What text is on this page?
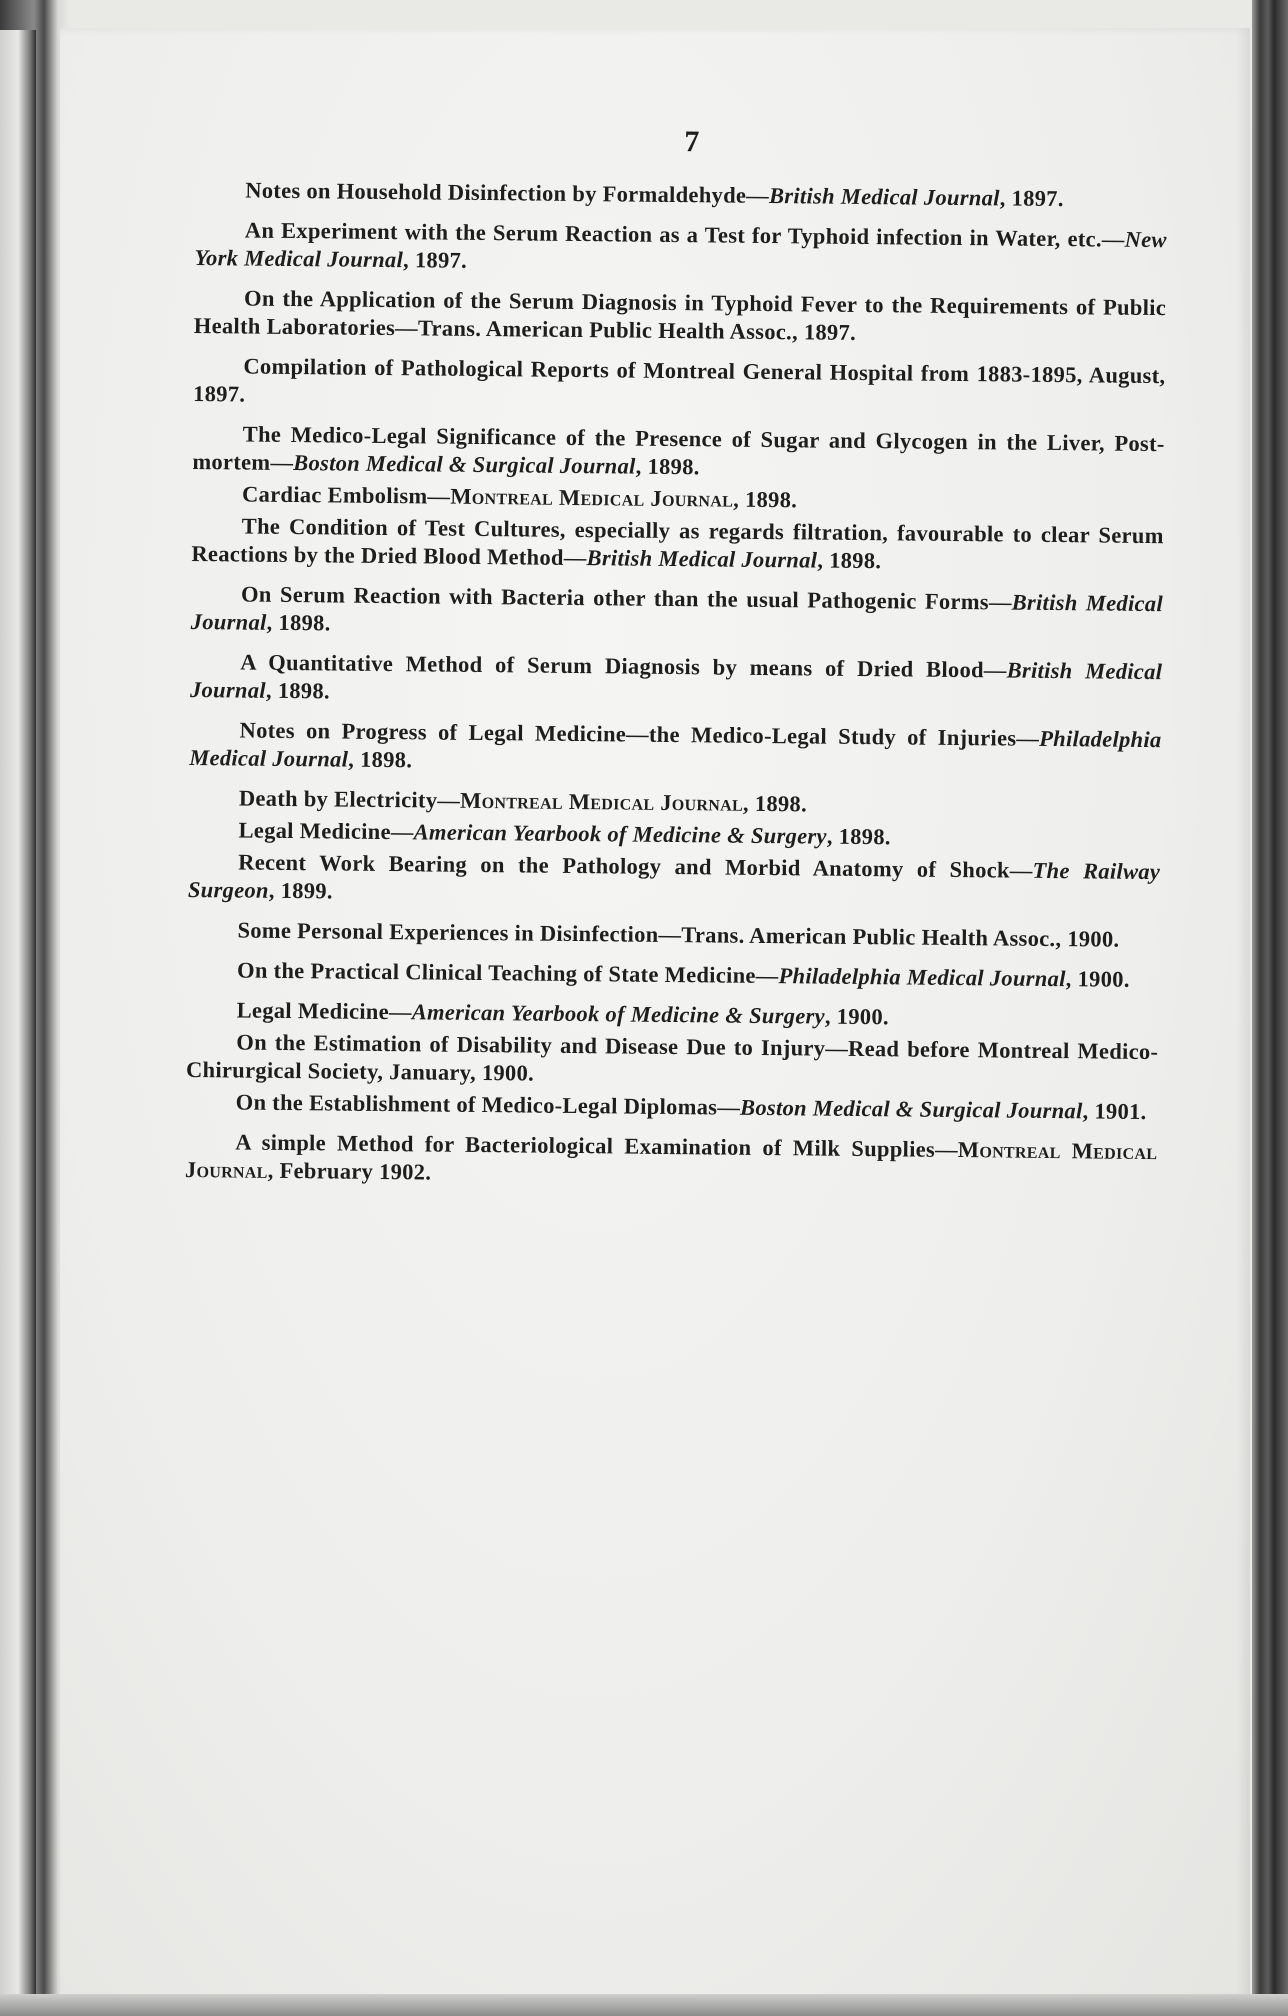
7

Notes on Household Disinfection by Formaldehyde—British Medical Journal, 1897.

An Experiment with the Serum Reaction as a Test for Typhoid infection in Water, etc.—New York Medical Journal, 1897.

On the Application of the Serum Diagnosis in Typhoid Fever to the Requirements of Public Health Laboratories—Trans. American Public Health Assoc., 1897.

Compilation of Pathological Reports of Montreal General Hospital from 1883-1895, August, 1897.

The Medico-Legal Significance of the Presence of Sugar and Glycogen in the Liver, Post-mortem—Boston Medical & Surgical Journal, 1898.

Cardiac Embolism—Montreal Medical Journal, 1898.

The Condition of Test Cultures, especially as regards filtration, favourable to clear Serum Reactions by the Dried Blood Method—British Medical Journal, 1898.

On Serum Reaction with Bacteria other than the usual Pathogenic Forms—British Medical Journal, 1898.

A Quantitative Method of Serum Diagnosis by means of Dried Blood—British Medical Journal, 1898.

Notes on Progress of Legal Medicine—the Medico-Legal Study of Injuries—Philadelphia Medical Journal, 1898.

Death by Electricity—Montreal Medical Journal, 1898.

Legal Medicine—American Yearbook of Medicine & Surgery, 1898.

Recent Work Bearing on the Pathology and Morbid Anatomy of Shock—The Railway Surgeon, 1899.

Some Personal Experiences in Disinfection—Trans. American Public Health Assoc., 1900.

On the Practical Clinical Teaching of State Medicine—Philadelphia Medical Journal, 1900.

Legal Medicine—American Yearbook of Medicine & Surgery, 1900.

On the Estimation of Disability and Disease Due to Injury—Read before Montreal Medico-Chirurgical Society, January, 1900.

On the Establishment of Medico-Legal Diplomas—Boston Medical & Surgical Journal, 1901.

A simple Method for Bacteriological Examination of Milk Supplies—Montreal Medical Journal, February 1902.
